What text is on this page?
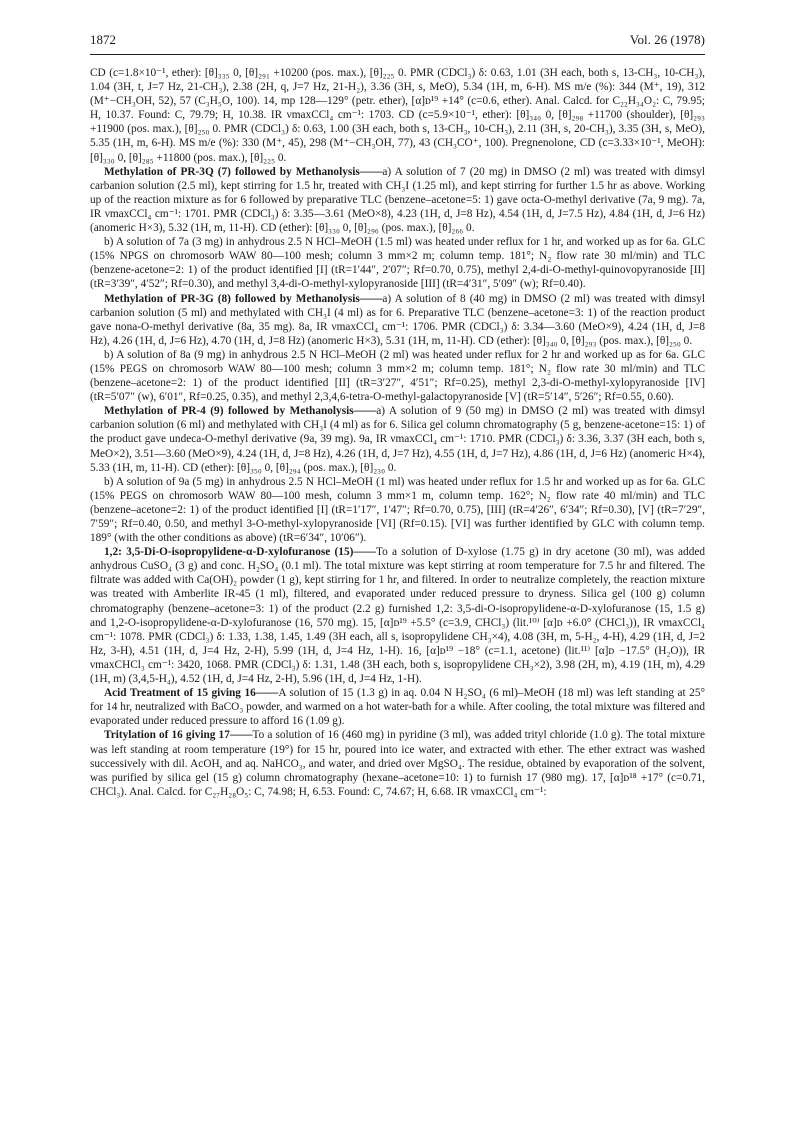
1872	Vol. 26 (1978)

CD (c=1.8×10⁻¹, ether): [θ]₃₃₅ 0, [θ]₂₉₁ +10200 (pos. max.), [θ]₂₂₅ 0. PMR (CDCl₃) δ: 0.63, 1.01 (3H each, both s, 13-CH₃, 10-CH₃), 1.04 (3H, t, J=7 Hz, 21-CH₃), 2.38 (2H, q, J=7 Hz, 21-H₂), 3.36 (3H, s, MeO), 5.34 (1H, m, 6-H). MS m/e (%): 344 (M⁺, 19), 312 (M⁺−CH₃OH, 52), 57 (C₃H₅O, 100). 14, mp 128—129° (petr. ether), [α]ᴅ¹⁹ +14° (c=0.6, ether). Anal. Calcd. for C₂₂H₃₄O₂: C, 79.95; H, 10.37. Found: C, 79.79; H, 10.38. IR νmaxCCl₄ cm⁻¹: 1703. CD (c=5.9×10⁻¹, ether): [θ]₃₄₀ 0, [θ]₂₉₈ +11700 (shoulder), [θ]₂₉₃ +11900 (pos. max.), [θ]₂₅₀ 0. PMR (CDCl₃) δ: 0.63, 1.00 (3H each, both s, 13-CH₃, 10-CH₃), 2.11 (3H, s, 20-CH₃), 3.35 (3H, s, MeO), 5.35 (1H, m, 6-H). MS m/e (%): 330 (M⁺, 45), 298 (M⁺−CH₃OH, 77), 43 (CH₃CO⁺, 100). Pregnenolone, CD (c=3.33×10⁻¹, MeOH): [θ]₃₃₀ 0, [θ]₂₈₅ +11800 (pos. max.), [θ]₂₂₅ 0.

Methylation of PR-3Q (7) followed by Methanolysis——a) A solution of 7 (20 mg) in DMSO (2 ml) was treated with dimsyl carbanion solution (2.5 ml), kept stirring for 1.5 hr, treated with CH₃I (1.25 ml), and kept stirring for further 1.5 hr as above. Working up of the reaction mixture as for 6 followed by preparative TLC (benzene–acetone=5: 1) gave octa-O-methyl derivative (7a, 9 mg). 7a, IR νmaxCCl₄ cm⁻¹: 1701. PMR (CDCl₃) δ: 3.35—3.61 (MeO×8), 4.23 (1H, d, J=8 Hz), 4.54 (1H, d, J=7.5 Hz), 4.84 (1H, d, J=6 Hz) (anomeric H×3), 5.32 (1H, m, 11-H). CD (ether): [θ]₃₃₀ 0, [θ]₂₉₆ (pos. max.), [θ]₂₆₆ 0.

b) A solution of 7a (3 mg) in anhydrous 2.5 N HCl–MeOH (1.5 ml) was heated under reflux for 1 hr, and worked up as for 6a. GLC (15% NPGS on chromosorb WAW 80—100 mesh; column 3 mm×2 m; column temp. 181°; N₂ flow rate 30 ml/min) and TLC (benzene-acetone=2: 1) of the product identified [I] (tR=1′44″, 2′07″; Rf=0.70, 0.75), methyl 2,4-di-O-methyl-quinovopyranoside [II] (tR=3′39″, 4′52″; Rf=0.30), and methyl 3,4-di-O-methyl-xylopyranoside [III] (tR=4′31″, 5′09″ (w); Rf=0.40).

Methylation of PR-3G (8) followed by Methanolysis——a) A solution of 8 (40 mg) in DMSO (2 ml) was treated with dimsyl carbanion solution (5 ml) and methylated with CH₃I (4 ml) as for 6. Preparative TLC (benzene–acetone=3: 1) of the reaction product gave nona-O-methyl derivative (8a, 35 mg). 8a, IR νmaxCCl₄ cm⁻¹: 1706. PMR (CDCl₃) δ: 3.34—3.60 (MeO×9), 4.24 (1H, d, J=8 Hz), 4.26 (1H, d, J=6 Hz), 4.70 (1H, d, J=8 Hz) (anomeric H×3), 5.31 (1H, m, 11-H). CD (ether): [θ]₃₄₀ 0, [θ]₂₉₃ (pos. max.), [θ]₂₅₀ 0.

b) A solution of 8a (9 mg) in anhydrous 2.5 N HCl–MeOH (2 ml) was heated under reflux for 2 hr and worked up as for 6a. GLC (15% PEGS on chromosorb WAW 80—100 mesh; column 3 mm×2 m; column temp. 181°; N₂ flow rate 30 ml/min) and TLC (benzene–acetone=2: 1) of the product identified [II] (tR=3′27″, 4′51″; Rf=0.25), methyl 2,3-di-O-methyl-xylopyranoside [IV] (tR=5′07″ (w), 6′01″, Rf=0.25, 0.35), and methyl 2,3,4,6-tetra-O-methyl-galactopyranoside [V] (tR=5′14″, 5′26″; Rf=0.55, 0.60).

Methylation of PR-4 (9) followed by Methanolysis——a) A solution of 9 (50 mg) in DMSO (2 ml) was treated with dimsyl carbanion solution (6 ml) and methylated with CH₃I (4 ml) as for 6. Silica gel column chromatography (5 g, benzene-acetone=15: 1) of the product gave undeca-O-methyl derivative (9a, 39 mg). 9a, IR νmaxCCl₄ cm⁻¹: 1710. PMR (CDCl₃) δ: 3.36, 3.37 (3H each, both s, MeO×2), 3.51—3.60 (MeO×9), 4.24 (1H, d, J=8 Hz), 4.26 (1H, d, J=7 Hz), 4.55 (1H, d, J=7 Hz), 4.86 (1H, d, J=6 Hz) (anomeric H×4), 5.33 (1H, m, 11-H). CD (ether): [θ]₃₅₀ 0, [θ]₂₉₄ (pos. max.), [θ]₂₃₀ 0.

b) A solution of 9a (5 mg) in anhydrous 2.5 N HCl–MeOH (1 ml) was heated under reflux for 1.5 hr and worked up as for 6a. GLC (15% PEGS on chromosorb WAW 80—100 mesh, column 3 mm×1 m, column temp. 162°; N₂ flow rate 40 ml/min) and TLC (benzene–acetone=2: 1) of the product identified [I] (tR=1′17″, 1′47″; Rf=0.70, 0.75), [III] (tR=4′26″, 6′34″; Rf=0.30), [V] (tR=7′29″, 7′59″; Rf=0.40, 0.50, and methyl 3-O-methyl-xylopyranoside [VI] (Rf=0.15). [VI] was further identified by GLC with column temp. 189° (with the other conditions as above) (tR=6′34″, 10′06″).

1,2: 3,5-Di-O-isopropylidene-α-D-xylofuranose (15)——To a solution of D-xylose (1.75 g) in dry acetone (30 ml), was added anhydrous CuSO₄ (3 g) and conc. H₂SO₄ (0.1 ml). The total mixture was kept stirring at room temperature for 7.5 hr and filtered. The filtrate was added with Ca(OH)₂ powder (1 g), kept stirring for 1 hr, and filtered. In order to neutralize completely, the reaction mixture was treated with Amberlite IR-45 (1 ml), filtered, and evaporated under reduced pressure to dryness. Silica gel (100 g) column chromatography (benzene–acetone=3: 1) of the product (2.2 g) furnished 1,2: 3,5-di-O-isopropylidene-α-D-xylofuranose (15, 1.5 g) and 1,2-O-isopropylidene-α-D-xylofuranose (16, 570 mg). 15, [α]ᴅ¹⁹ +5.5° (c=3.9, CHCl₃) (lit.¹⁰⁾ [α]ᴅ +6.0° (CHCl₃)), IR νmaxCCl₄ cm⁻¹: 1078. PMR (CDCl₃) δ: 1.33, 1.38, 1.45, 1.49 (3H each, all s, isopropylidene CH₃×4), 4.08 (3H, m, 5-H₂, 4-H), 4.29 (1H, d, J=2 Hz, 3-H), 4.51 (1H, d, J=4 Hz, 2-H), 5.99 (1H, d, J=4 Hz, 1-H). 16, [α]ᴅ¹⁹ −18° (c=1.1, acetone) (lit.¹¹⁾ [α]ᴅ −17.5° (H₂O)), IR νmaxCHCl₃ cm⁻¹: 3420, 1068. PMR (CDCl₃) δ: 1.31, 1.48 (3H each, both s, isopropylidene CH₃×2), 3.98 (2H, m), 4.19 (1H, m), 4.29 (1H, m) (3,4,5-H₄), 4.52 (1H, d, J=4 Hz, 2-H), 5.96 (1H, d, J=4 Hz, 1-H).

Acid Treatment of 15 giving 16——A solution of 15 (1.3 g) in aq. 0.04 N H₂SO₄ (6 ml)–MeOH (18 ml) was left standing at 25° for 14 hr, neutralized with BaCO₃ powder, and warmed on a hot water-bath for a while. After cooling, the total mixture was filtered and evaporated under reduced pressure to afford 16 (1.09 g).

Tritylation of 16 giving 17——To a solution of 16 (460 mg) in pyridine (3 ml), was added trityl chloride (1.0 g). The total mixture was left standing at room temperature (19°) for 15 hr, poured into ice water, and extracted with ether. The ether extract was washed successively with dil. AcOH, and aq. NaHCO₃, and water, and dried over MgSO₄. The residue, obtained by evaporation of the solvent, was purified by silica gel (15 g) column chromatography (hexane–acetone=10: 1) to furnish 17 (980 mg). 17, [α]ᴅ¹⁸ +17° (c=0.71, CHCl₃). Anal. Calcd. for C₂₇H₂₈O₅: C, 74.98; H, 6.53. Found: C, 74.67; H, 6.68. IR νmaxCCl₄ cm⁻¹:
